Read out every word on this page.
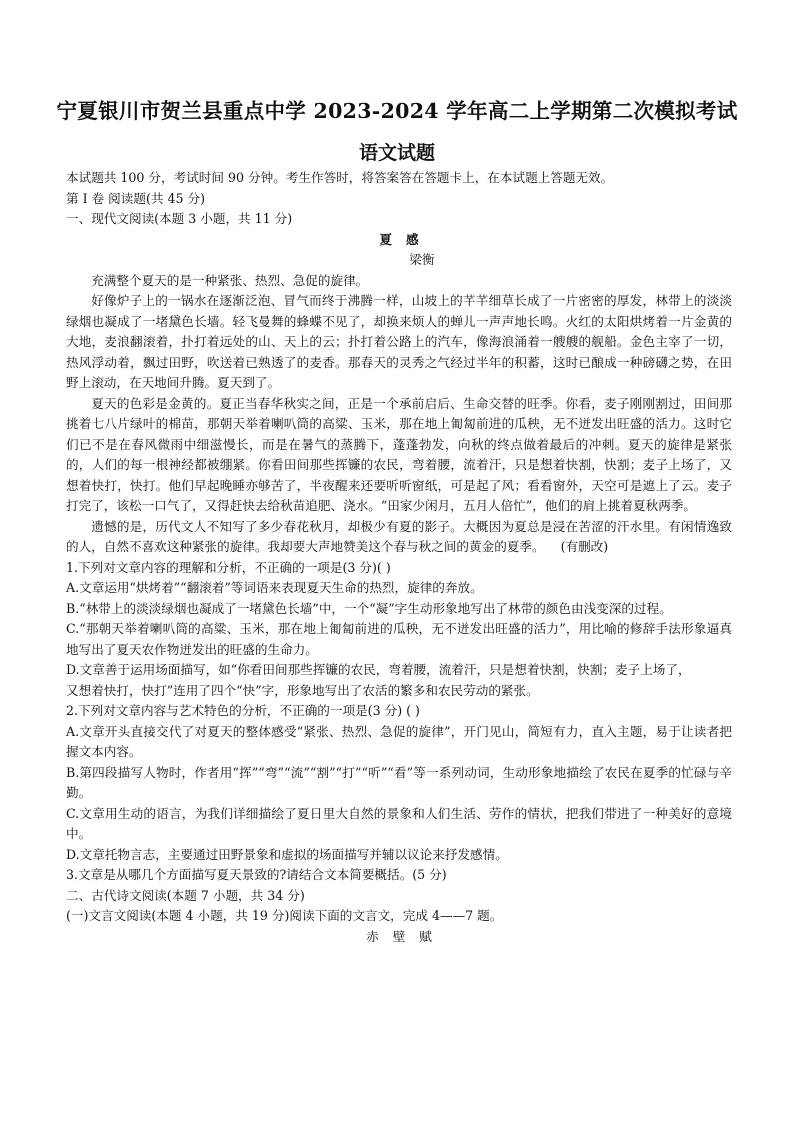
宁夏银川市贺兰县重点中学 2023-2024 学年高二上学期第二次模拟考试
语文试题

本试题共 100 分，考试时间 90 分钟。考生作答时，将答案答在答题卡上，在本试题上答题无效。

第 I 卷 阅读题(共 45 分)

一、现代文阅读(本题 3 小题，共 11 分)

夏感

梁衡

充满整个夏天的是一种紧张、热烈、急促的旋律。

好像炉子上的一锅水在逐渐泛泡、冒气而终于沸腾一样，山坡上的芊芊细草长成了一片密密的厚发，林带上的淡淡绿烟也凝成了一堵黛色长墙。轻飞曼舞的蜂蝶不见了，却换来烦人的蝉儿一声声地长鸣。火红的太阳烘烤着一片金黄的大地，麦浪翻滚着，扑打着远处的山、天上的云；扑打着公路上的汽车，像海浪涌着一艘艘的舰船。金色主宰了一切，热风浮动着，飘过田野，吹送着已熟透了的麦香。那春天的灵秀之气经过半年的积蓄，这时已酿成一种磅礴之势，在田野上滚动，在天地间升腾。夏天到了。

夏天的色彩是金黄的。夏正当春华秋实之间，正是一个承前启后、生命交替的旺季。你看，麦子刚刚割过，田间那挑着七八片绿叶的棉苗，那朝天举着喇叭筒的高粱、玉米，那在地上匍匐前进的瓜秧，无不迸发出旺盛的活力。这时它们已不是在春风微雨中细滋慢长，而是在暑气的蒸腾下，蓬蓬勃发，向秋的终点做着最后的冲刺。夏天的旋律是紧张的，人们的每一根神经都被绷紧。你看田间那些挥镰的农民，弯着腰，流着汗，只是想着快割，快割；麦子上场了，又想着快打，快打。他们早起晚睡亦够苦了，半夜醒来还要听听窗纸，可是起了风；看看窗外，天空可是遮上了云。麦子打完了，该松一口气了，又得赶快去给秋苗追肥、浇水。“田家少闲月，五月人倍忙”，他们的肩上挑着夏秋两季。

遗憾的是，历代文人不知写了多少春花秋月，却极少有夏的影子。大概因为夏总是浸在苦涩的汗水里。有闲情逸致的人，自然不喜欢这种紧张的旋律。我却要大声地赞美这个春与秋之间的黄金的夏季。 (有删改)

1.下列对文章内容的理解和分析，不正确的一项是(3 分)( )

A.文章运用“烘烤着”“翻滚着”等词语来表现夏天生命的热烈，旋律的奔放。

B.“林带上的淡淡绿烟也凝成了一堵黛色长墙”中，一个“凝”字生动形象地写出了林带的颜色由浅变深的过程。

C.“那朝天举着喇叭筒的高粱、玉米，那在地上匍匐前进的瓜秧，无不迸发出旺盛的活力”，用比喻的修辞手法形象逼真地写出了夏天农作物迸发出的旺盛的生命力。

D.文章善于运用场面描写，如“你看田间那些挥镰的农民，弯着腰，流着汗，只是想着快割，快割；麦子上场了，

又想着快打，快打”连用了四个“快”字，形象地写出了农活的繁多和农民劳动的紧张。

2.下列对文章内容与艺术特色的分析，不正确的一项是(3 分) ( )

A.文章开头直接交代了对夏天的整体感受“紧张、热烈、急促的旋律”，开门见山，简短有力，直入主题，易于让读者把握文本内容。

B.第四段描写人物时，作者用“挥”“弯”“流”“割”“打”“听”“看”等一系列动词，生动形象地描绘了农民在夏季的忙碌与辛勤。

C.文章用生动的语言，为我们详细描绘了夏日里大自然的景象和人们生活、劳作的情状，把我们带进了一种美好的意境中。

D.文章托物言志，主要通过田野景象和虚拟的场面描写并辅以议论来抒发感情。

3.文章是从哪几个方面描写夏天景致的?请结合文本简要概括。(5 分)

二、古代诗文阅读(本题 7 小题，共 34 分)

(一)文言文阅读(本题 4 小题，共 19 分)阅读下面的文言文，完成 4——7 题。

赤壁赋
